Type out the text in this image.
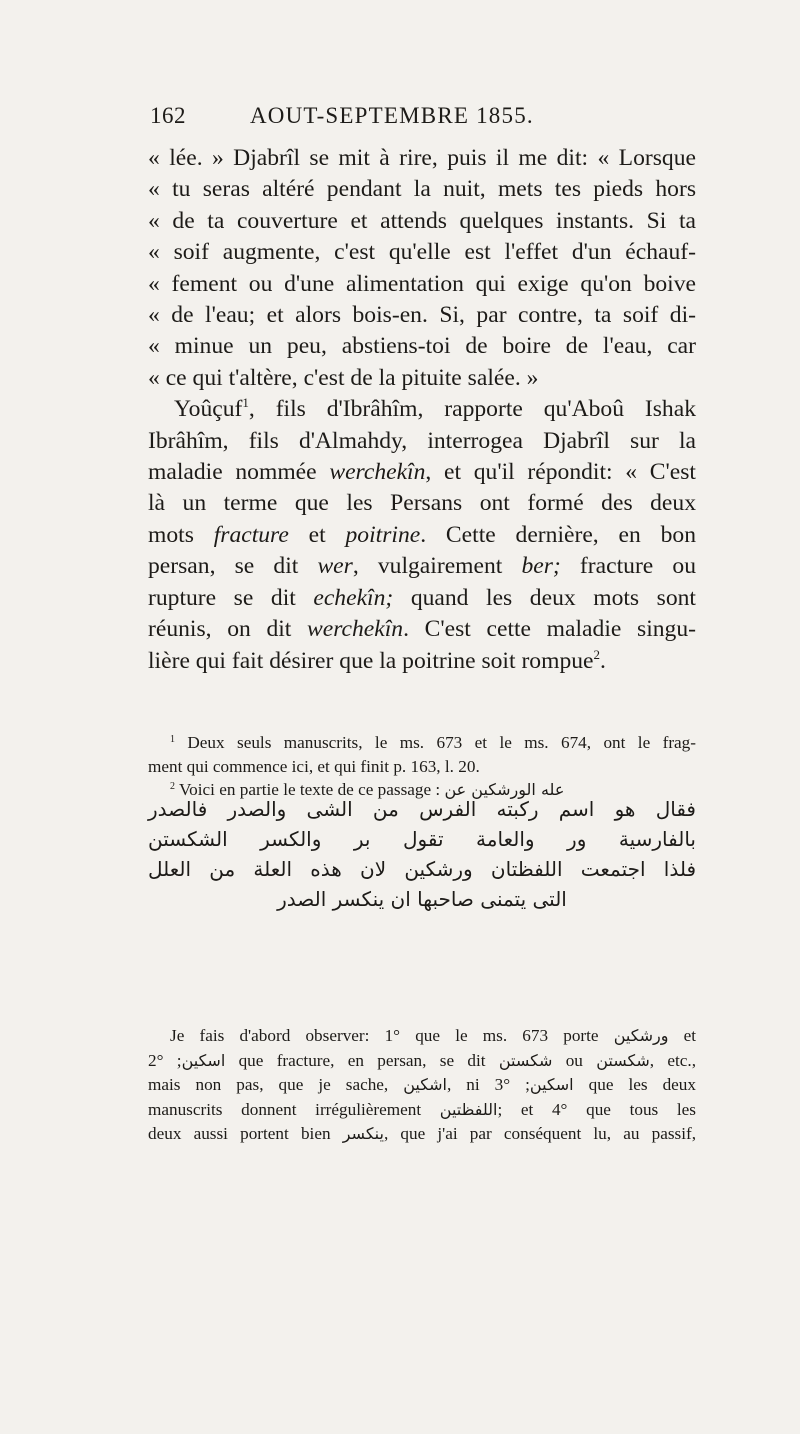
162	AOUT-SEPTEMBRE 1855.
« lée. » Djabrîl se mit à rire, puis il me dit: « Lorsque
« tu seras altéré pendant la nuit, mets tes pieds hors
« de ta couverture et attends quelques instants. Si ta
« soif augmente, c'est qu'elle est l'effet d'un échauf-
« fement ou d'une alimentation qui exige qu'on boive
« de l'eau; et alors bois-en. Si, par contre, ta soif di-
« minue un peu, abstiens-toi de boire de l'eau, car
« ce qui t'altère, c'est de la pituite salée. »
Yoûçuf$^1$, fils d'Ibrâhîm, rapporte qu'Aboû Ishak
Ibrâhîm, fils d'Almahdy, interrogea Djabrîl sur la
maladie nommée werchekîn, et qu'il répondit: « C'est
là un terme que les Persans ont formé des deux
mots fracture et poitrine. Cette dernière, en bon
persan, se dit wer, vulgairement ber; fracture ou
rupture se dit echekîn; quand les deux mots sont
réunis, on dit werchekîn. C'est cette maladie singu-
lière qui fait désirer que la poitrine soit rompue$^2$.
$^1$ Deux seuls manuscrits, le ms. 673 et le ms. 674, ont le frag-
ment qui commence ici, et qui finit p. 163, l. 20.
$^2$ Voici en partie le texte de ce passage : عله الورشكين عن
فقال هو اسم ركبته الفرس من الشى والصدر فالصدر
بالفارسية ور والعامة تقول بر والكسر الشكستن
فلذا اجتمعت اللفظتان ورشكين لان هذه العلة من العلل
التى يتمنى صاحبها ان ينكسر الصدر
Je fais d'abord observer: 1° que le ms. 673 porte ورشكين et
اسكين; 2° que fracture, en persan, se dit شكستن ou شكستن, etc.,
mais non pas, que je sache, اشكين, ni اسكين; 3° que les deux
manuscrits donnent irrégulièrement اللفظتين; et 4° que tous les
deux aussi portent bien ينكسر, que j'ai par conséquent lu, au passif,
